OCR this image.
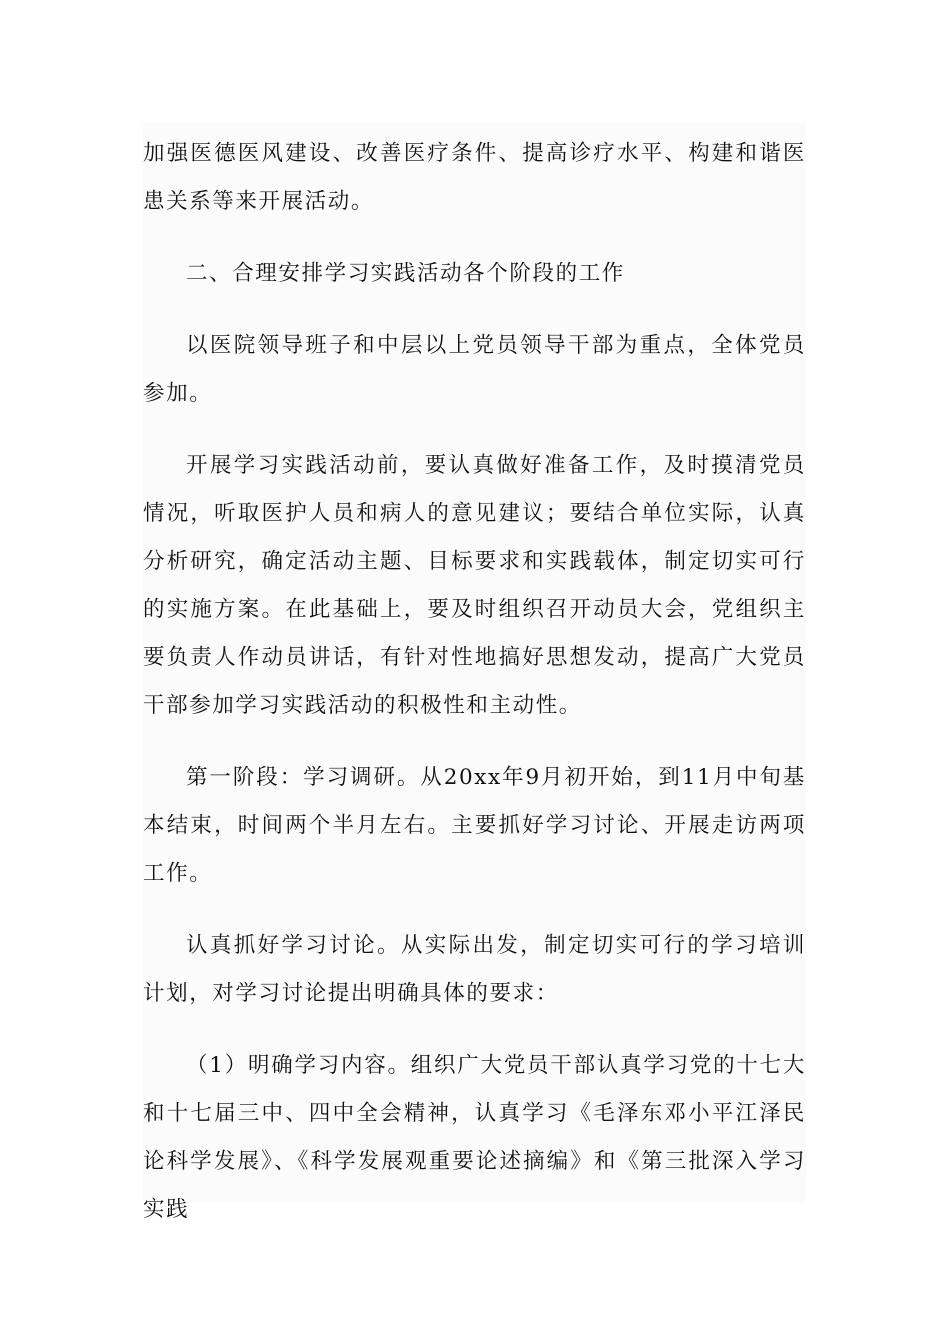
加强医德医风建设、改善医疗条件、提高诊疗水平、构建和谐医患关系等来开展活动。

二、合理安排学习实践活动各个阶段的工作

以医院领导班子和中层以上党员领导干部为重点，全体党员参加。

开展学习实践活动前，要认真做好准备工作，及时摸清党员情况，听取医护人员和病人的意见建议；要结合单位实际，认真分析研究，确定活动主题、目标要求和实践载体，制定切实可行的实施方案。在此基础上，要及时组织召开动员大会，党组织主要负责人作动员讲话，有针对性地搞好思想发动，提高广大党员干部参加学习实践活动的积极性和主动性。

第一阶段：学习调研。从20xx年9月初开始，到11月中旬基本结束，时间两个半月左右。主要抓好学习讨论、开展走访两项工作。

认真抓好学习讨论。从实际出发，制定切实可行的学习培训计划，对学习讨论提出明确具体的要求：

（1）明确学习内容。组织广大党员干部认真学习党的十七大和十七届三中、四中全会精神，认真学习《毛泽东邓小平江泽民论科学发展》、《科学发展观重要论述摘编》和《第三批深入学习实践
